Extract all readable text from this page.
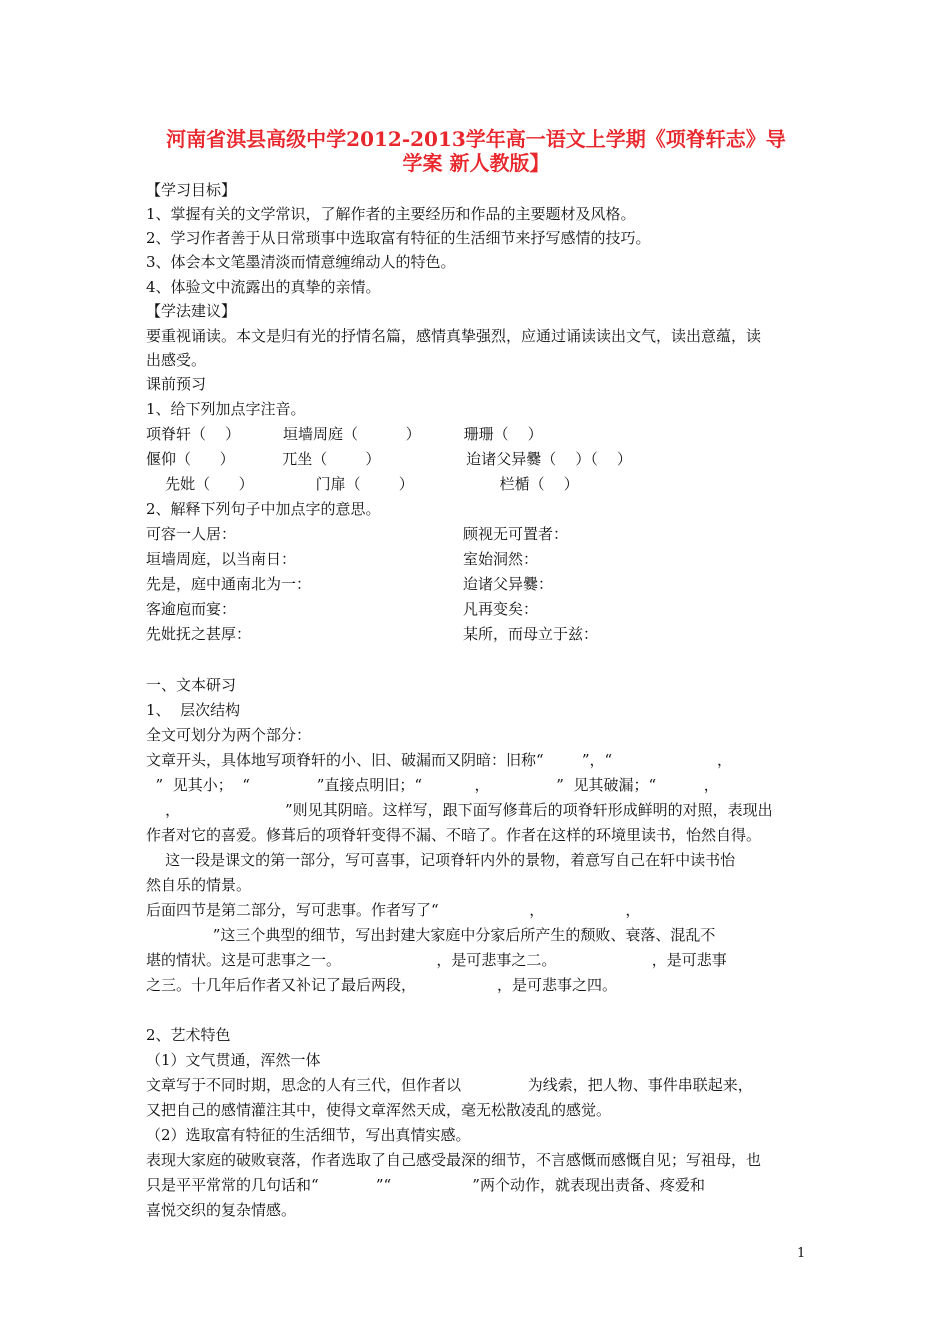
河南省淇县高级中学2012-2013学年高一语文上学期《项脊轩志》导
学案 新人教版】
【学习目标】
1、掌握有关的文学常识，了解作者的主要经历和作品的主要题材及风格。
2、学习作者善于从日常琐事中选取富有特征的生活细节来抒写感情的技巧。
3、体会本文笔墨清淡而情意缠绵动人的特色。
4、体验文中流露出的真挚的亲情。
【学法建议】
要重视诵读。本文是归有光的抒情名篇，感情真挚强烈，应通过诵读读出文气，读出意蕴，读
出感受。
课前预习
1、给下列加点字注音。
项脊轩（    ）         垣墙周庭（          ）         珊珊（    ）
偃仰（      ）          兀坐（        ）                  迨诸父异爨（    ）（    ）
先妣（      ）             门扉（        ）                  栏楯（    ）
2、解释下列句子中加点字的意思。
可容一人居：	顾视无可置者：
垣墙周庭，以当南日：	室始洞然：
先是，庭中通南北为一：	迨诸父异爨：
客逾庖而宴：	凡再变矣：
先妣抚之甚厚：	某所，而母立于兹：
一、文本研习
1、  层次结构
全文可划分为两个部分：
文章开头，具体地写项脊轩的小、旧、破漏而又阴暗：旧称“        ”，“                      ，
”  见其小；  “              ”直接点明旧；“           ，              ”  见其破漏；“          ，
，                      ”则见其阴暗。这样写，跟下面写修葺后的项脊轩形成鲜明的对照，表现出
作者对它的喜爱。修葺后的项脊轩变得不漏、不暗了。作者在这样的环境里读书，怡然自得。
这一段是课文的第一部分，写可喜事，记项脊轩内外的景物，着意写自己在轩中读书怡
然自乐的情景。
后面四节是第二部分，写可悲事。作者写了“                   ，                 ，
”这三个典型的细节，写出封建大家庭中分家后所产生的颓败、衰落、混乱不
堪的情状。这是可悲事之一。                    ，是可悲事之二。                    ，是可悲事
之三。十几年后作者又补记了最后两段，                 ，是可悲事之四。
2、艺术特色
（1）文气贯通，浑然一体
文章写于不同时期，思念的人有三代，但作者以              为线索，把人物、事件串联起来，
又把自己的感情灌注其中，使得文章浑然天成，毫无松散凌乱的感觉。
（2）选取富有特征的生活细节，写出真情实感。
表现大家庭的破败衰落，作者选取了自己感受最深的细节，不言感慨而感慨自见；写祖母，也
只是平平常常的几句话和“            ”“                 ”两个动作，就表现出责备、疼爱和
喜悦交织的复杂情感。
1
